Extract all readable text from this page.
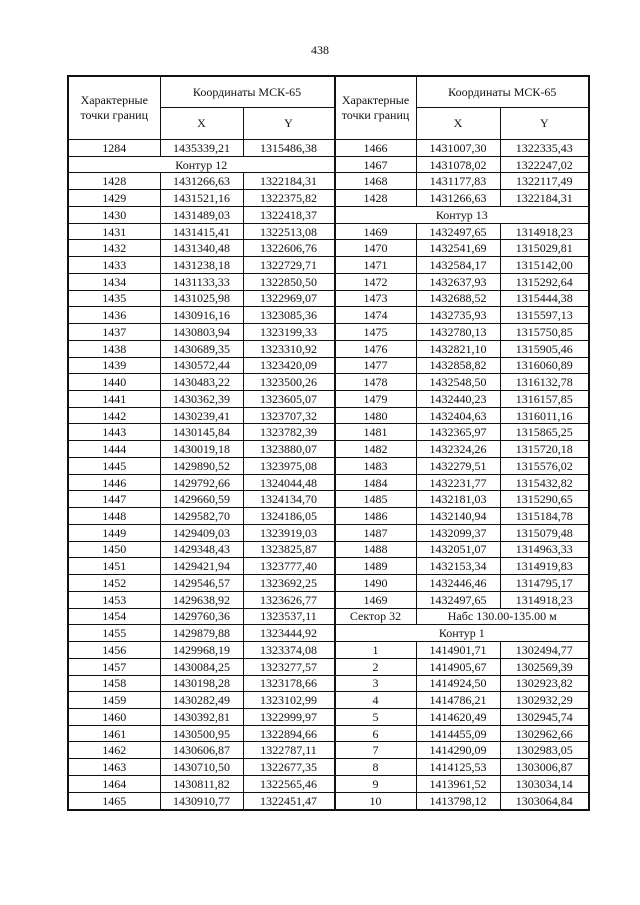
438
Характерные точки границ	Координаты МСК-65	
	X	Y
1284	1435339,21	1315486,38
Контур 12		
1428	1431266,63	1322184,31
1429	1431521,16	1322375,82
1430	1431489,03	1322418,37
1431	1431415,41	1322513,08
1432	1431340,48	1322606,76
1433	1431238,18	1322729,71
1434	1431133,33	1322850,50
1435	1431025,98	1322969,07
1436	1430916,16	1323085,36
1437	1430803,94	1323199,33
1438	1430689,35	1323310,92
1439	1430572,44	1323420,09
1440	1430483,22	1323500,26
1441	1430362,39	1323605,07
1442	1430239,41	1323707,32
1443	1430145,84	1323782,39
1444	1430019,18	1323880,07
1445	1429890,52	1323975,08
1446	1429792,66	1324044,48
1447	1429660,59	1324134,70
1448	1429582,70	1324186,05
1449	1429409,03	1323919,03
1450	1429348,43	1323825,87
1451	1429421,94	1323777,40
1452	1429546,57	1323692,25
1453	1429638,92	1323626,77
1454	1429760,36	1323537,11
1455	1429879,88	1323444,92
1456	1429968,19	1323374,08
1457	1430084,25	1323277,57
1458	1430198,28	1323178,66
1459	1430282,49	1323102,99
1460	1430392,81	1322999,97
1461	1430500,95	1322894,66
1462	1430606,87	1322787,11
1463	1430710,50	1322677,35
1464	1430811,82	1322565,46
1465	1430910,77	1322451,47
Характерные точки границ	Координаты МСК-65	
	X	Y
1466	1431007,30	1322335,43
1467	1431078,02	1322247,02
1468	1431177,83	1322117,49
1428	1431266,63	1322184,31
Контур 13		
1469	1432497,65	1314918,23
1470	1432541,69	1315029,81
1471	1432584,17	1315142,00
1472	1432637,93	1315292,64
1473	1432688,52	1315444,38
1474	1432735,93	1315597,13
1475	1432780,13	1315750,85
1476	1432821,10	1315905,46
1477	1432858,82	1316060,89
1478	1432548,50	1316132,78
1479	1432440,23	1316157,85
1480	1432404,63	1316011,16
1481	1432365,97	1315865,25
1482	1432324,26	1315720,18
1483	1432279,51	1315576,02
1484	1432231,77	1315432,82
1485	1432181,03	1315290,65
1486	1432140,94	1315184,78
1487	1432099,37	1315079,48
1488	1432051,07	1314963,33
1489	1432153,34	1314919,83
1490	1432446,46	1314795,17
1469	1432497,65	1314918,23
Сектор 32	Набс 130.00-135.00 м	
Контур 1		
1	1414901,71	1302494,77
2	1414905,67	1302569,39
3	1414924,50	1302923,82
4	1414786,21	1302932,29
5	1414620,49	1302945,74
6	1414455,09	1302962,66
7	1414290,09	1302983,05
8	1414125,53	1303006,87
9	1413961,52	1303034,14
10	1413798,12	1303064,84
